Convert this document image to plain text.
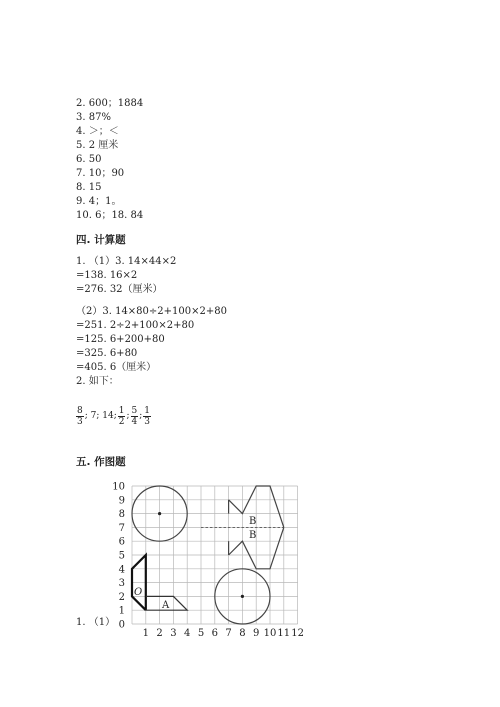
2. 600；1884
3. 87%
4. ＞；＜
5. 2 厘米
6. 50
7. 10；90
8. 15
9. 4；1。
10. 6；18. 84
四. 计算题
1. （1）3. 14×44×2
=138. 16×2
=276. 32（厘米）
（2）3. 14×80÷2+100×2+80
=251. 2÷2+100×2+80
=125. 6+200+80
=325. 6+80
=405. 6（厘米）
2. 如下：
$\frac{8}{3}$ ; 7; 14; $\frac{1}{2}$ ; $\frac{5}{4}$ ; $\frac{1}{3}$
五. 作图题
1. （1）
1 2 3 4 5 6 7 8 9 10 11 12
0
1
2
3
4
5
6
7
8
9
10
B
B
A
O
